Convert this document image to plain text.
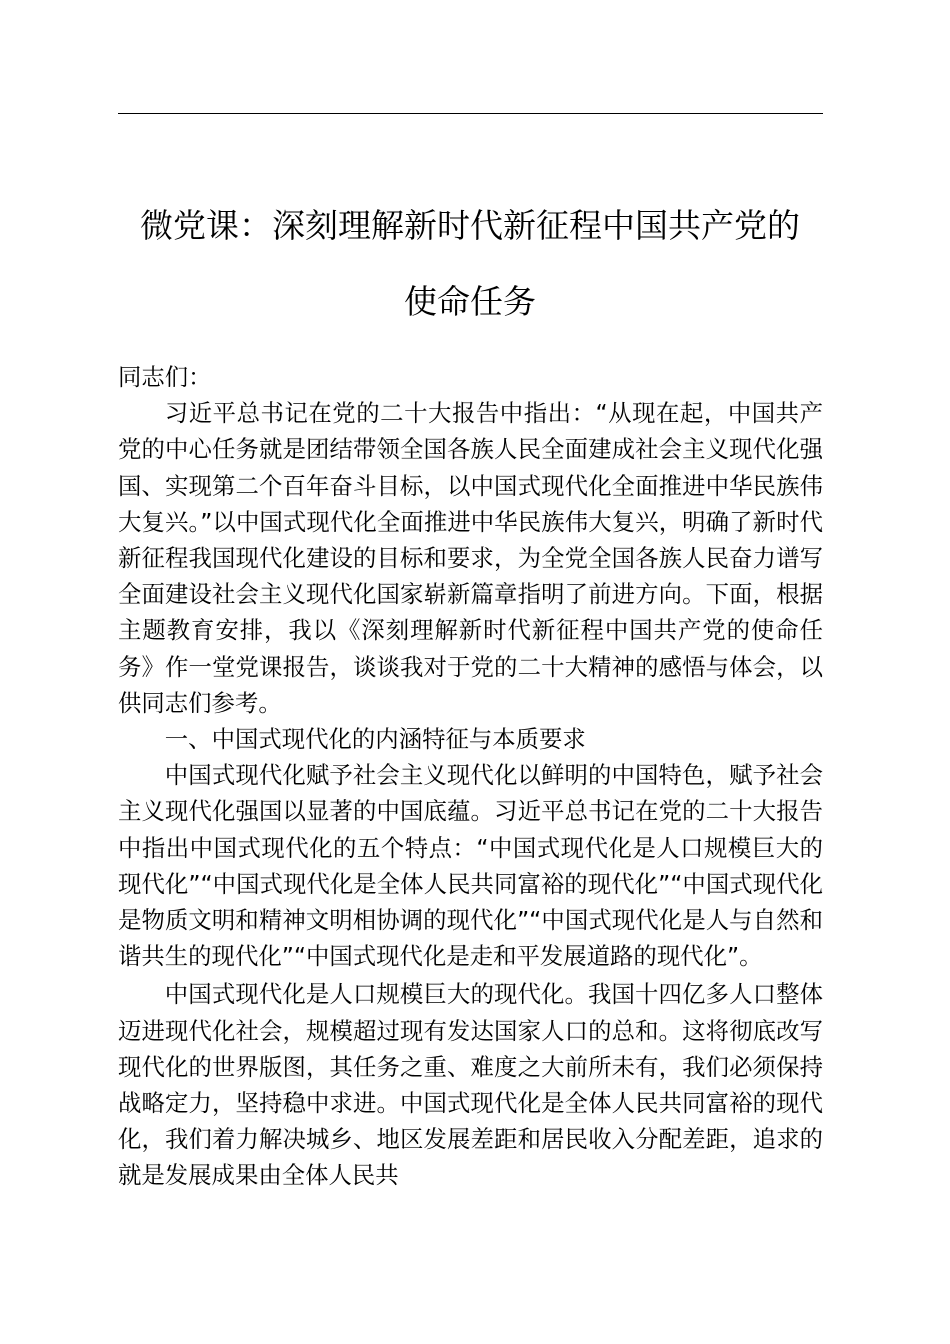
微党课：深刻理解新时代新征程中国共产党的
使命任务

同志们：

习近平总书记在党的二十大报告中指出：“从现在起，中国共产党的中心任务就是团结带领全国各族人民全面建成社会主义现代化强国、实现第二个百年奋斗目标，以中国式现代化全面推进中华民族伟大复兴。”以中国式现代化全面推进中华民族伟大复兴，明确了新时代新征程我国现代化建设的目标和要求，为全党全国各族人民奋力谱写全面建设社会主义现代化国家崭新篇章指明了前进方向。下面，根据主题教育安排，我以《深刻理解新时代新征程中国共产党的使命任务》作一堂党课报告，谈谈我对于党的二十大精神的感悟与体会，以供同志们参考。

一、中国式现代化的内涵特征与本质要求

中国式现代化赋予社会主义现代化以鲜明的中国特色，赋予社会主义现代化强国以显著的中国底蕴。习近平总书记在党的二十大报告中指出中国式现代化的五个特点：“中国式现代化是人口规模巨大的现代化”“中国式现代化是全体人民共同富裕的现代化”“中国式现代化是物质文明和精神文明相协调的现代化”“中国式现代化是人与自然和谐共生的现代化”“中国式现代化是走和平发展道路的现代化”。

中国式现代化是人口规模巨大的现代化。我国十四亿多人口整体迈进现代化社会，规模超过现有发达国家人口的总和。这将彻底改写现代化的世界版图，其任务之重、难度之大前所未有，我们必须保持战略定力，坚持稳中求进。中国式现代化是全体人民共同富裕的现代化，我们着力解决城乡、地区发展差距和居民收入分配差距，追求的就是发展成果由全体人民共
